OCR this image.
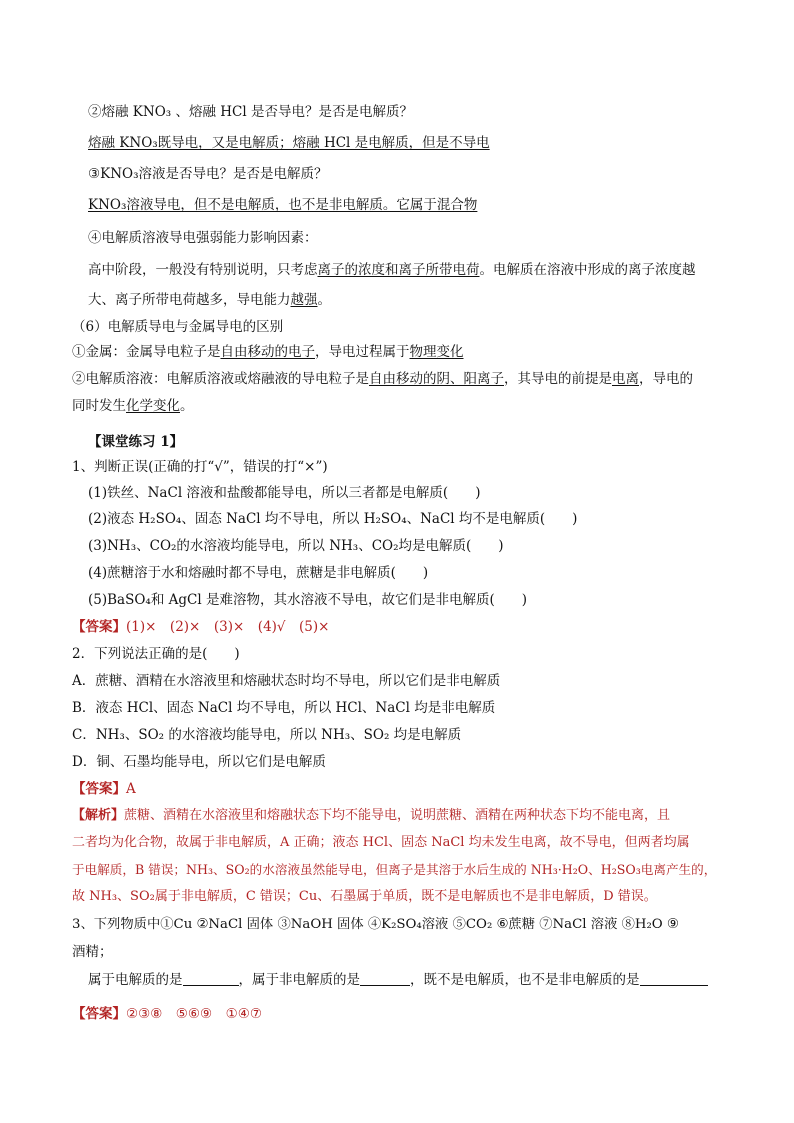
②熔融 KNO₃ 、熔融 HCl 是否导电？是否是电解质？
熔融 KNO₃既导电，又是电解质；熔融 HCl 是电解质，但是不导电
③KNO₃溶液是否导电？是否是电解质？
KNO₃溶液导电，但不是电解质，也不是非电解质。它属于混合物
④电解质溶液导电强弱能力影响因素：
高中阶段，一般没有特别说明，只考虑离子的浓度和离子所带电荷。电解质在溶液中形成的离子浓度越
大、离子所带电荷越多，导电能力越强。
（6）电解质导电与金属导电的区别
①金属：金属导电粒子是自由移动的电子，导电过程属于物理变化
②电解质溶液：电解质溶液或熔融液的导电粒子是自由移动的阴、阳离子，其导电的前提是电离，导电的
同时发生化学变化。
【课堂练习 1】
1、判断正误(正确的打“√”，错误的打“×”)
(1)铁丝、NaCl 溶液和盐酸都能导电，所以三者都是电解质(　　)
(2)液态 H₂SO₄、固态 NaCl 均不导电，所以 H₂SO₄、NaCl 均不是电解质(　　)
(3)NH₃、CO₂的水溶液均能导电，所以 NH₃、CO₂均是电解质(　　)
(4)蔗糖溶于水和熔融时都不导电，蔗糖是非电解质(　　)
(5)BaSO₄和 AgCl 是难溶物，其水溶液不导电，故它们是非电解质(　　)
【答案】(1)×　(2)×　(3)×　(4)√　(5)×
2．下列说法正确的是(　　)
A．蔗糖、酒精在水溶液里和熔融状态时均不导电，所以它们是非电解质
B．液态 HCl、固态 NaCl 均不导电，所以 HCl、NaCl 均是非电解质
C．NH₃、SO₂ 的水溶液均能导电，所以 NH₃、SO₂ 均是电解质
D．铜、石墨均能导电，所以它们是电解质
【答案】A
【解析】蔗糖、酒精在水溶液里和熔融状态下均不能导电，说明蔗糖、酒精在两种状态下均不能电离，且
二者均为化合物，故属于非电解质，A 正确；液态 HCl、固态 NaCl 均未发生电离，故不导电，但两者均属
于电解质，B 错误；NH₃、SO₂的水溶液虽然能导电，但离子是其溶于水后生成的 NH₃·H₂O、H₂SO₃电离产生的，
故 NH₃、SO₂属于非电解质，C 错误；Cu、石墨属于单质，既不是电解质也不是非电解质，D 错误。
3、下列物质中①Cu ②NaCl 固体 ③NaOH 固体 ④K₂SO₄溶液 ⑤CO₂ ⑥蔗糖 ⑦NaCl 溶液 ⑧H₂O ⑨
酒精；
属于电解质的是	，属于非电解质的是	，既不是电解质，也不是非电解质的是
【答案】②③⑧　⑤⑥⑨　①④⑦
